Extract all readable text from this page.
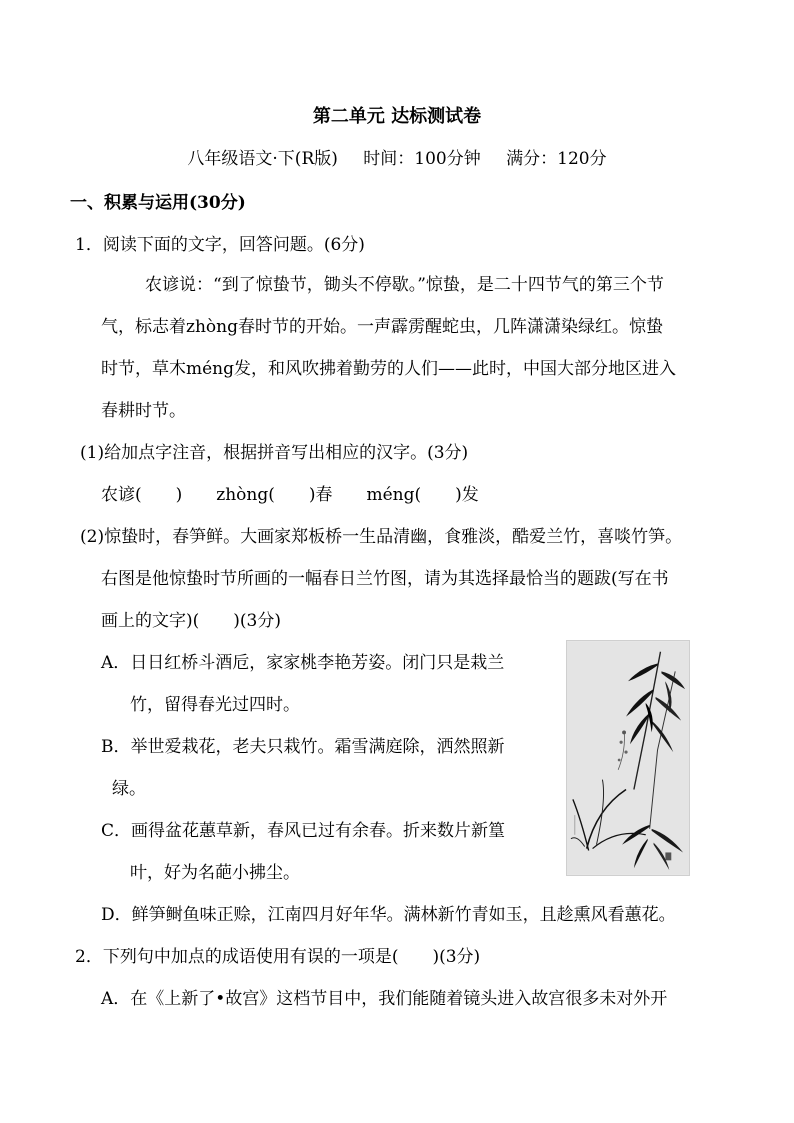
第二单元 达标测试卷
八年级语文·下(R版) 时间：100分钟 满分：120分
一、积累与运用(30分)
1．阅读下面的文字，回答问题。(6分)
农谚说：“到了惊蛰节，锄头不停歇。”惊蛰，是二十四节气的第三个节
气，标志着zhòng春时节的开始。一声霹雳醒蛇虫，几阵潇潇染绿红。惊蛰
时节，草木méng发，和风吹拂着勤劳的人们——此时，中国大部分地区进入
春耕时节。
(1)给加点字注音，根据拼音写出相应的汉字。(3分)
农谚(　　)　　zhòng(　　)春　　méng(　　)发
(2)惊蛰时，春笋鲜。大画家郑板桥一生品清幽，食雅淡，酷爱兰竹，喜啖竹笋。
右图是他惊蛰时节所画的一幅春日兰竹图，请为其选择最恰当的题跋(写在书
画上的文字)(　　)(3分)
A．日日红桥斗酒卮，家家桃李艳芳姿。闭门只是栽兰
竹，留得春光过四时。
B．举世爱栽花，老夫只栽竹。霜雪满庭除，洒然照新
绿。
C．画得盆花蕙草新，春风已过有余春。折来数片新篁
叶，好为名葩小拂尘。
D．鲜笋鲥鱼味正赊，江南四月好年华。满林新竹青如玉，且趁熏风看蕙花。
2．下列句中加点的成语使用有误的一项是(　　)(3分)
A．在《上新了•故宫》这档节目中，我们能随着镜头进入故宫很多未对外开
